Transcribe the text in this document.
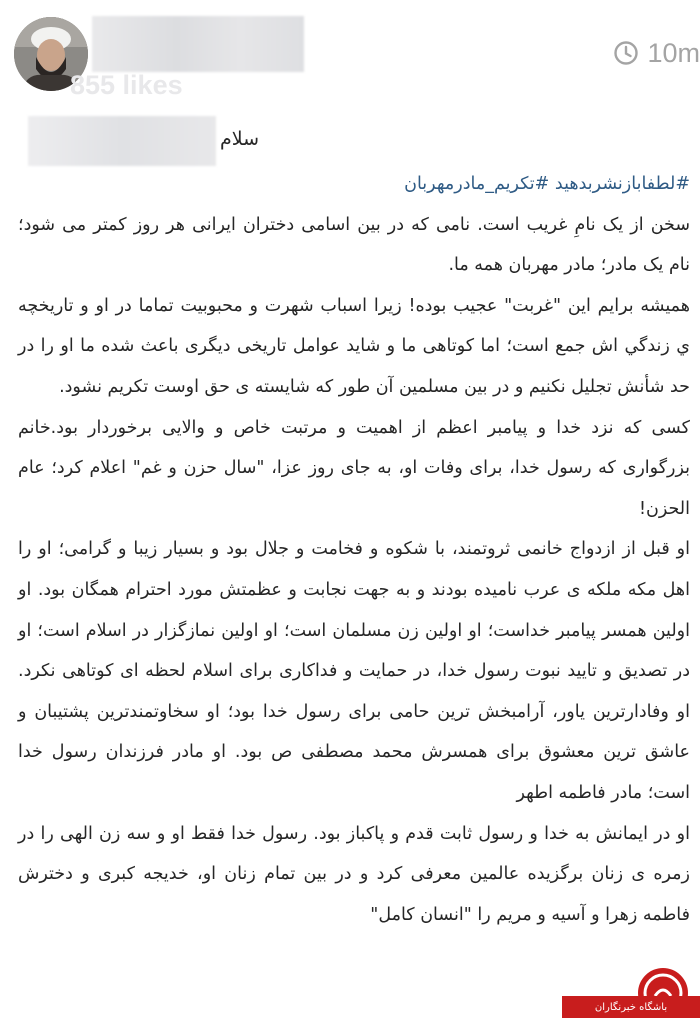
855 likes
10m
سلام

#لطفابازنشربدهید #تکریم_مادرمهربان

سخن از یک نامِ غریب است. نامی که در بین اسامی دختران ایرانی هر روز کمتر می شود؛ نام یک مادر؛ مادر مهربان همه ما.

همیشه برایم این "غربت" عجیب بوده! زیرا اسباب شهرت و محبوبیت تماما در او و تاریخچه ي زندگي اش جمع است؛ اما کوتاهی ما و شاید عوامل تاریخی دیگری باعث شده ما او را در حد شأنش تجلیل نکنیم و در بین مسلمین آن طور که شایسته ی حق اوست تکریم نشود.

کسی که نزد خدا و پیامبر اعظم از اهمیت و مرتبت خاص و والایی برخوردار بود.خانم بزرگواری که رسول خدا، برای وفات او، به جای روز عزا، "سال حزن و غم" اعلام کرد؛ عام الحزن!

او قبل از ازدواج خانمی ثروتمند، با شکوه و فخامت و جلال بود و بسیار زیبا و گرامی؛ او را اهل مکه ملکه ی عرب نامیده بودند و به جهت نجابت و عظمتش مورد احترام همگان بود. او اولین همسر پیامبر خداست؛ او اولین زن مسلمان است؛ او اولین نمازگزار در اسلام است؛ او در تصدیق و تایید نبوت رسول خدا، در حمایت و فداکاری برای اسلام لحظه ای کوتاهی نکرد. او وفادارترین یاور، آرامبخش ترین حامی برای رسول خدا بود؛ او سخاوتمندترین پشتیبان و عاشق ترین معشوق برای همسرش محمد مصطفی ص بود. او مادر فرزندان رسول خدا است؛ مادر فاطمه اطهر

او در ایمانش به خدا و رسول ثابت قدم و پاکباز بود. رسول خدا فقط او و سه زن الهی را در زمره ی زنان برگزیده عالمین معرفی کرد و در بین تمام زنان او، خدیجه کبری و دخترش فاطمه زهرا و آسیه و مریم را "انسان کامل"

باشگاه خبرنگاران
